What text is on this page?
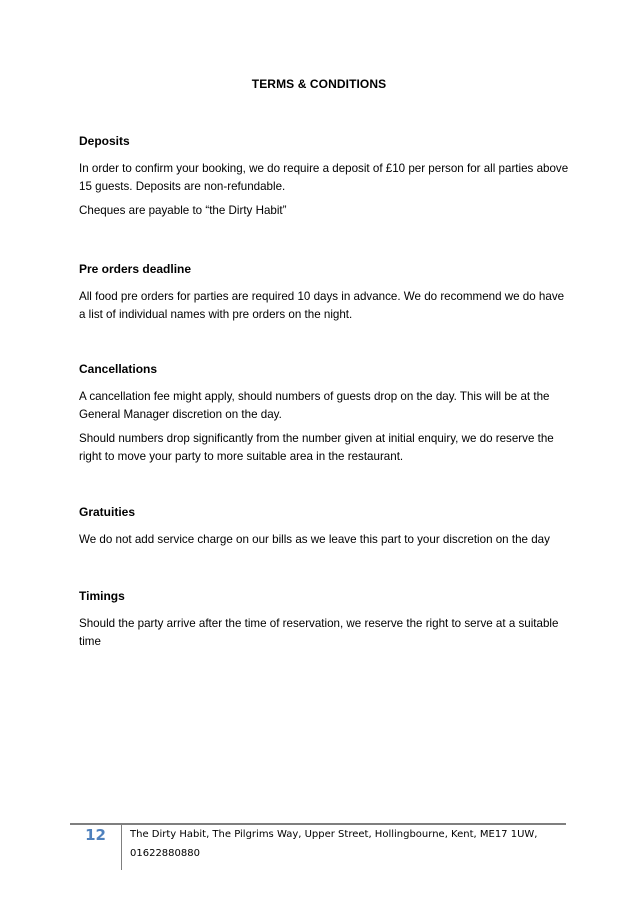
TERMS & CONDITIONS
Deposits

In order to confirm your booking, we do require a deposit of £10 per person for all parties above 15 guests. Deposits are non-refundable.

Cheques are payable to “the Dirty Habit”

Pre orders deadline

All food pre orders for parties are required 10 days in advance. We do recommend we do have a list of individual names with pre orders on the night.

Cancellations

A cancellation fee might apply, should numbers of guests drop on the day. This will be at the General Manager discretion on the day.

Should numbers drop significantly from the number given at initial enquiry, we do reserve the right to move your party to more suitable area in the restaurant.

Gratuities

We do not add service charge on our bills as we leave this part to your discretion on the day

Timings

Should the party arrive after the time of reservation, we reserve the right to serve at a suitable time

12	The Dirty Habit, The Pilgrims Way, Upper Street, Hollingbourne, Kent, ME17 1UW,
01622880880
